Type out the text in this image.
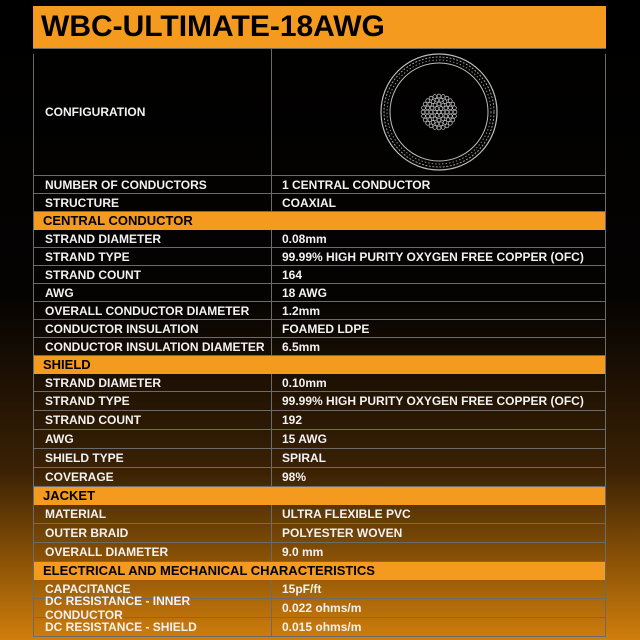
WBC-ULTIMATE-18AWG
CONFIGURATION
NUMBER OF CONDUCTORS	1 CENTRAL CONDUCTOR
STRUCTURE	COAXIAL
CENTRAL CONDUCTOR
STRAND DIAMETER	0.08mm
STRAND TYPE	99.99% HIGH PURITY OXYGEN FREE COPPER (OFC)
STRAND COUNT	164
AWG	18 AWG
OVERALL CONDUCTOR DIAMETER	1.2mm
CONDUCTOR INSULATION	FOAMED LDPE
CONDUCTOR INSULATION DIAMETER	6.5mm
SHIELD
STRAND DIAMETER	0.10mm
STRAND TYPE	99.99% HIGH PURITY OXYGEN FREE COPPER (OFC)
STRAND COUNT	192
AWG	15 AWG
SHIELD TYPE	SPIRAL
COVERAGE	98%
JACKET
MATERIAL	ULTRA FLEXIBLE PVC
OUTER BRAID	POLYESTER WOVEN
OVERALL DIAMETER	9.0 mm
ELECTRICAL AND MECHANICAL CHARACTERISTICS
CAPACITANCE	15pF/ft
DC RESISTANCE - INNER CONDUCTOR	0.022 ohms/m
DC RESISTANCE - SHIELD	0.015 ohms/m
